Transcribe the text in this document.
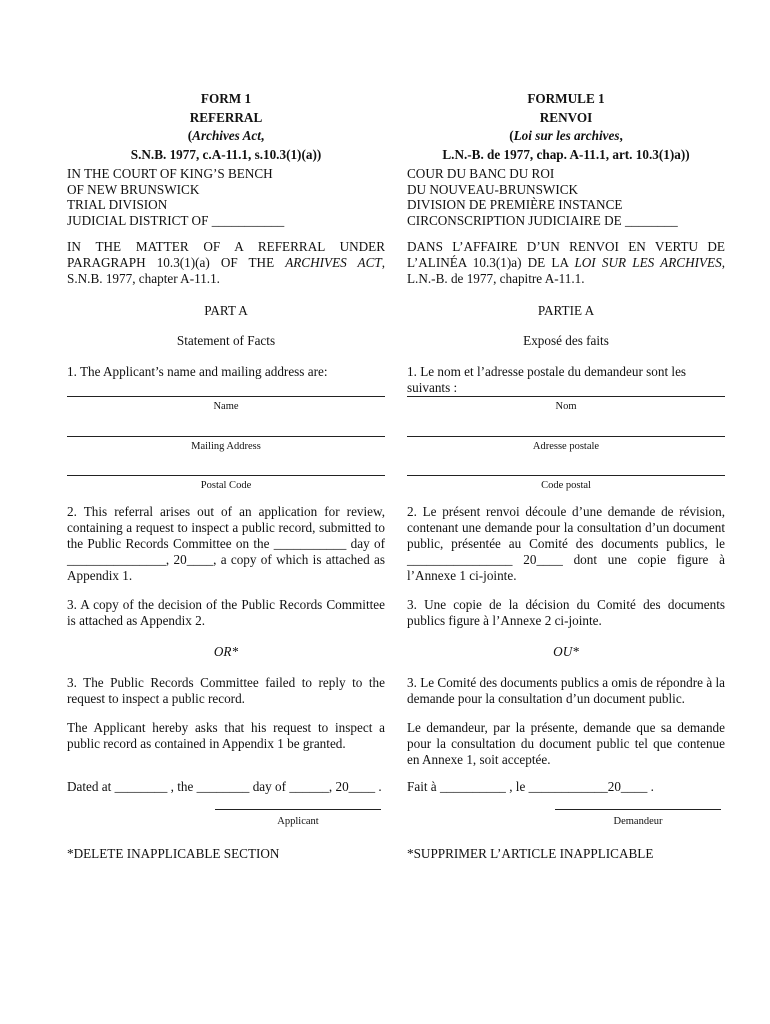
FORM 1
REFERRAL
(Archives Act,
S.N.B. 1977, c.A-11.1, s.10.3(1)(a))
IN THE COURT OF KING’S BENCH
OF NEW BRUNSWICK
TRIAL DIVISION
JUDICIAL DISTRICT OF ___________
IN THE MATTER OF A REFERRAL UNDER PARAGRAPH 10.3(1)(a) OF THE ARCHIVES ACT, S.N.B. 1977, chapter A-11.1.
PART A
Statement of Facts
1. The Applicant’s name and mailing address are:
Name
Mailing Address
Postal Code
2. This referral arises out of an application for review, containing a request to inspect a public record, submitted to the Public Records Committee on the ___________ day of _______________, 20____, a copy of which is attached as Appendix 1.
3. A copy of the decision of the Public Records Committee is attached as Appendix 2.
OR*
3. The Public Records Committee failed to reply to the request to inspect a public record.
The Applicant hereby asks that his request to inspect a public record as contained in Appendix 1 be granted.
Dated at ________ , the ________ day of ______, 20____ .
Applicant
*DELETE INAPPLICABLE SECTION
FORMULE 1
RENVOI
(Loi sur les archives,
L.N.-B. de 1977, chap. A-11.1, art. 10.3(1)a))
COUR DU BANC DU ROI
DU NOUVEAU-BRUNSWICK
DIVISION DE PREMIÈRE INSTANCE
CIRCONSCRIPTION JUDICIAIRE DE ________
DANS L’AFFAIRE D’UN RENVOI EN VERTU DE L’ALINÉA 10.3(1)a) DE LA LOI SUR LES ARCHIVES, L.N.-B. de 1977, chapitre A-11.1.
PARTIE A
Exposé des faits
1. Le nom et l’adresse postale du demandeur sont les suivants :
Nom
Adresse postale
Code postal
2. Le présent renvoi découle d’une demande de révision, contenant une demande pour la consultation d’un document public, présentée au Comité des documents publics, le ________________ 20____ dont une copie figure à l’Annexe 1 ci-jointe.
3. Une copie de la décision du Comité des documents publics figure à l’Annexe 2 ci-jointe.
OU*
3. Le Comité des documents publics a omis de répondre à la demande pour la consultation d’un document public.
Le demandeur, par la présente, demande que sa demande pour la consultation du document public tel que contenue en Annexe 1, soit acceptée.
Fait à __________ , le ____________20____ .
Demandeur
*SUPPRIMER L’ARTICLE INAPPLICABLE
